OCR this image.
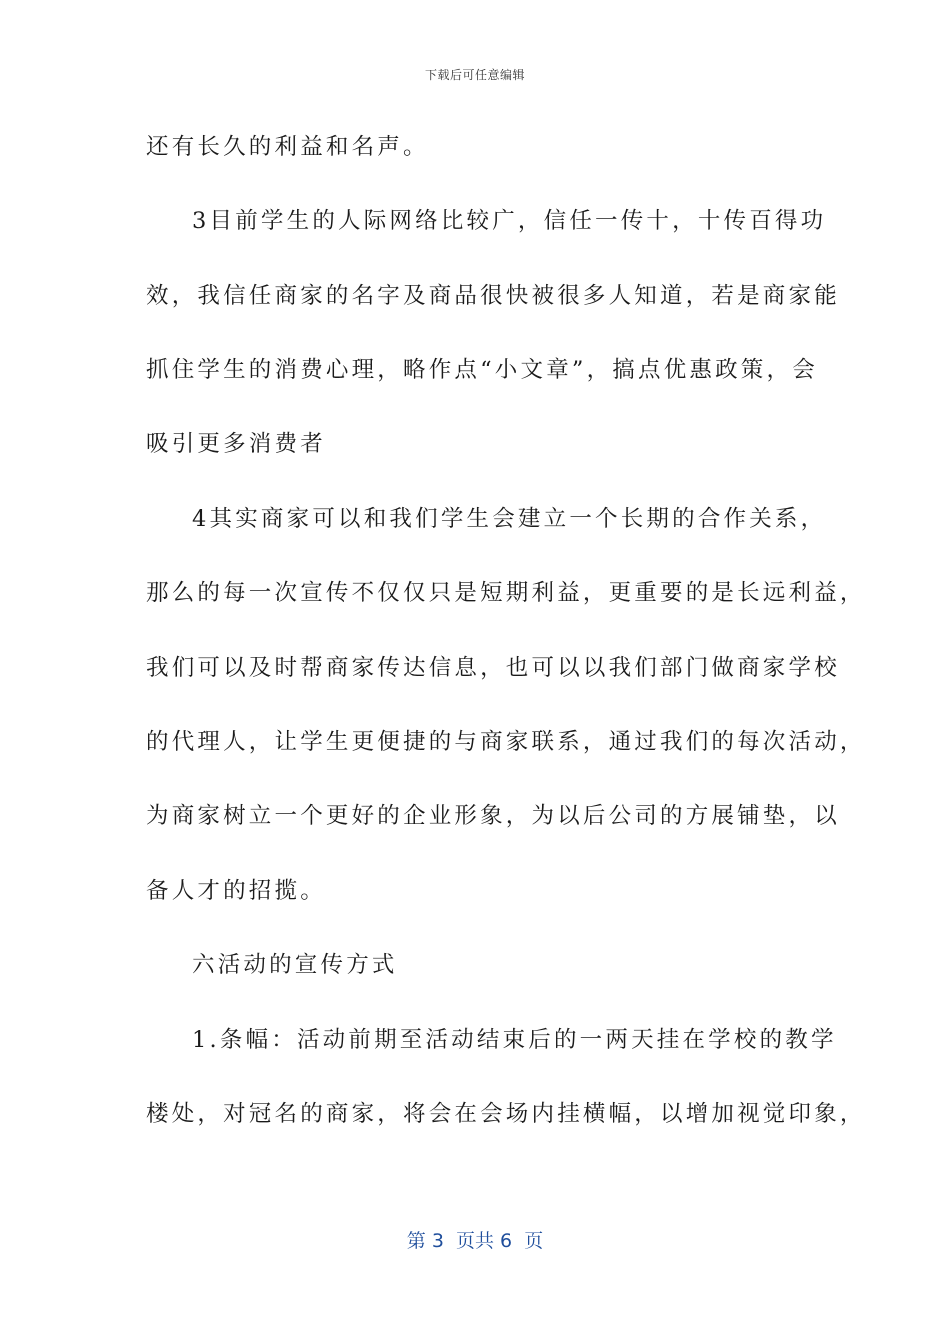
下载后可任意编辑
还有长久的利益和名声。
3目前学生的人际网络比较广，信任一传十，十传百得功
效，我信任商家的名字及商品很快被很多人知道，若是商家能
抓住学生的消费心理，略作点“小文章”，搞点优惠政策，会
吸引更多消费者
4其实商家可以和我们学生会建立一个长期的合作关系，
那么的每一次宣传不仅仅只是短期利益，更重要的是长远利益，
我们可以及时帮商家传达信息，也可以以我们部门做商家学校
的代理人，让学生更便捷的与商家联系，通过我们的每次活动，
为商家树立一个更好的企业形象，为以后公司的方展铺垫，以
备人才的招揽。
六活动的宣传方式
1.条幅：活动前期至活动结束后的一两天挂在学校的教学
楼处，对冠名的商家，将会在会场内挂横幅，以增加视觉印象，
第 3  页共 6  页
